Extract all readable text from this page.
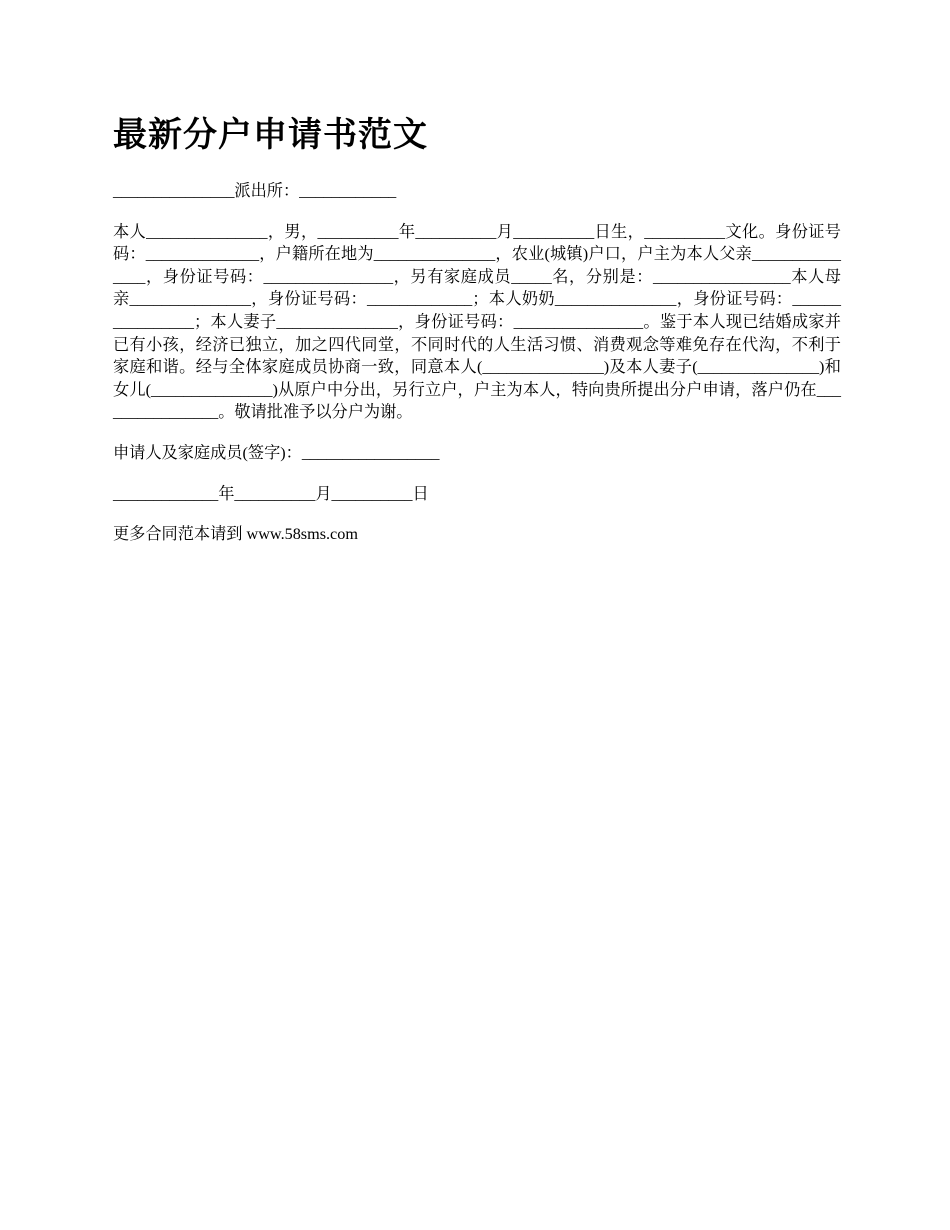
最新分户申请书范文

_______________派出所：____________

本人_______________，男，__________年__________月__________日生，__________文化。身份证号码：______________，户籍所在地为_______________，农业(城镇)户口，户主为本人父亲_______________，身份证号码：________________，另有家庭成员_____名，分别是：_________________本人母亲_______________，身份证号码：_____________；本人奶奶_______________，身份证号码：________________；本人妻子_______________，身份证号码：________________。鉴于本人现已结婚成家并已有小孩，经济已独立，加之四代同堂，不同时代的人生活习惯、消费观念等难免存在代沟，不利于家庭和谐。经与全体家庭成员协商一致，同意本人(_______________)及本人妻子(_______________)和女儿(_______________)从原户中分出，另行立户，户主为本人，特向贵所提出分户申请，落户仍在________________。敬请批准予以分户为谢。

申请人及家庭成员(签字)：_________________

_____________年__________月__________日

更多合同范本请到 www.58sms.com
